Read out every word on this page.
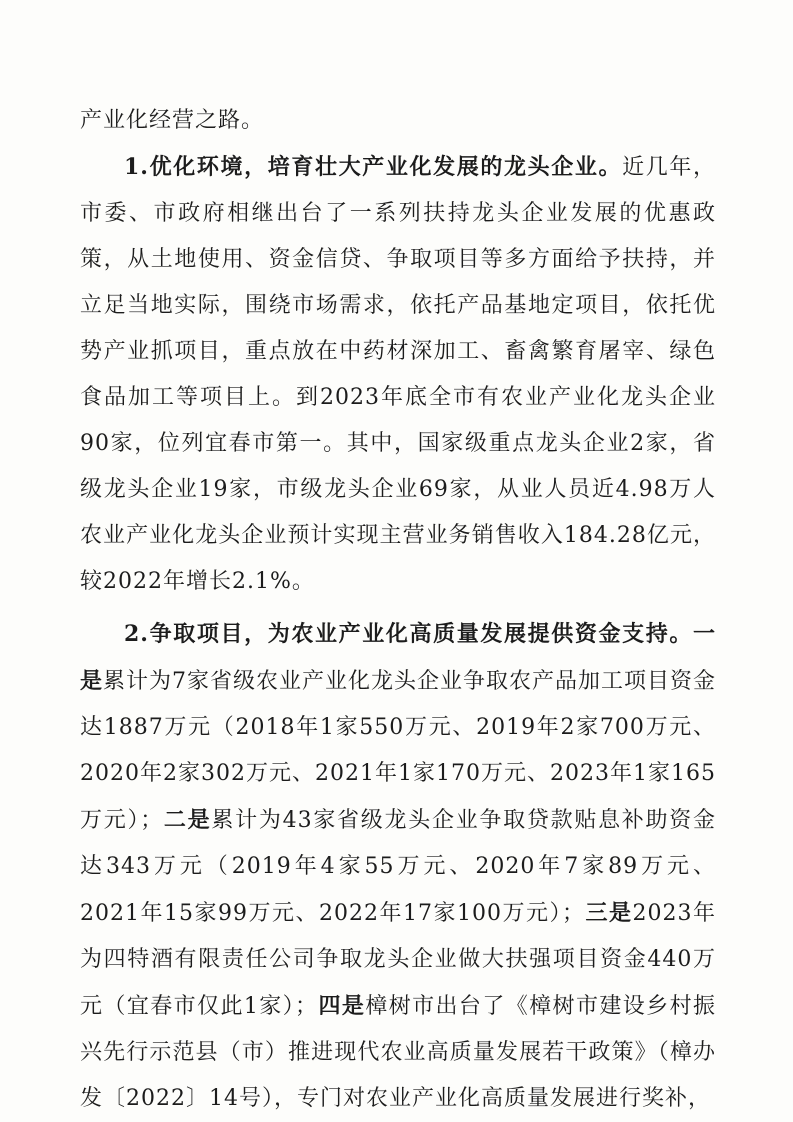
产业化经营之路。

1.优化环境，培育壮大产业化发展的龙头企业。近几年，市委、市政府相继出台了一系列扶持龙头企业发展的优惠政策，从土地使用、资金信贷、争取项目等多方面给予扶持，并立足当地实际，围绕市场需求，依托产品基地定项目，依托优势产业抓项目，重点放在中药材深加工、畜禽繁育屠宰、绿色食品加工等项目上。到2023年底全市有农业产业化龙头企业90家，位列宜春市第一。其中，国家级重点龙头企业2家，省级龙头企业19家，市级龙头企业69家，从业人员近4.98万人农业产业化龙头企业预计实现主营业务销售收入184.28亿元，较2022年增长2.1%。

2.争取项目，为农业产业化高质量发展提供资金支持。一是累计为7家省级农业产业化龙头企业争取农产品加工项目资金达1887万元（2018年1家550万元、2019年2家700万元、2020年2家302万元、2021年1家170万元、2023年1家165万元）；二是累计为43家省级龙头企业争取贷款贴息补助资金达343万元（2019年4家55万元、2020年7家89万元、2021年15家99万元、2022年17家100万元）；三是2023年为四特酒有限责任公司争取龙头企业做大扶强项目资金440万元（宜春市仅此1家）；四是樟树市出台了《樟树市建设乡村振兴先行示范县（市）推进现代农业高质量发展若干政策》（樟办发〔2022〕14号），专门对农业产业化高质量发展进行奖补，
